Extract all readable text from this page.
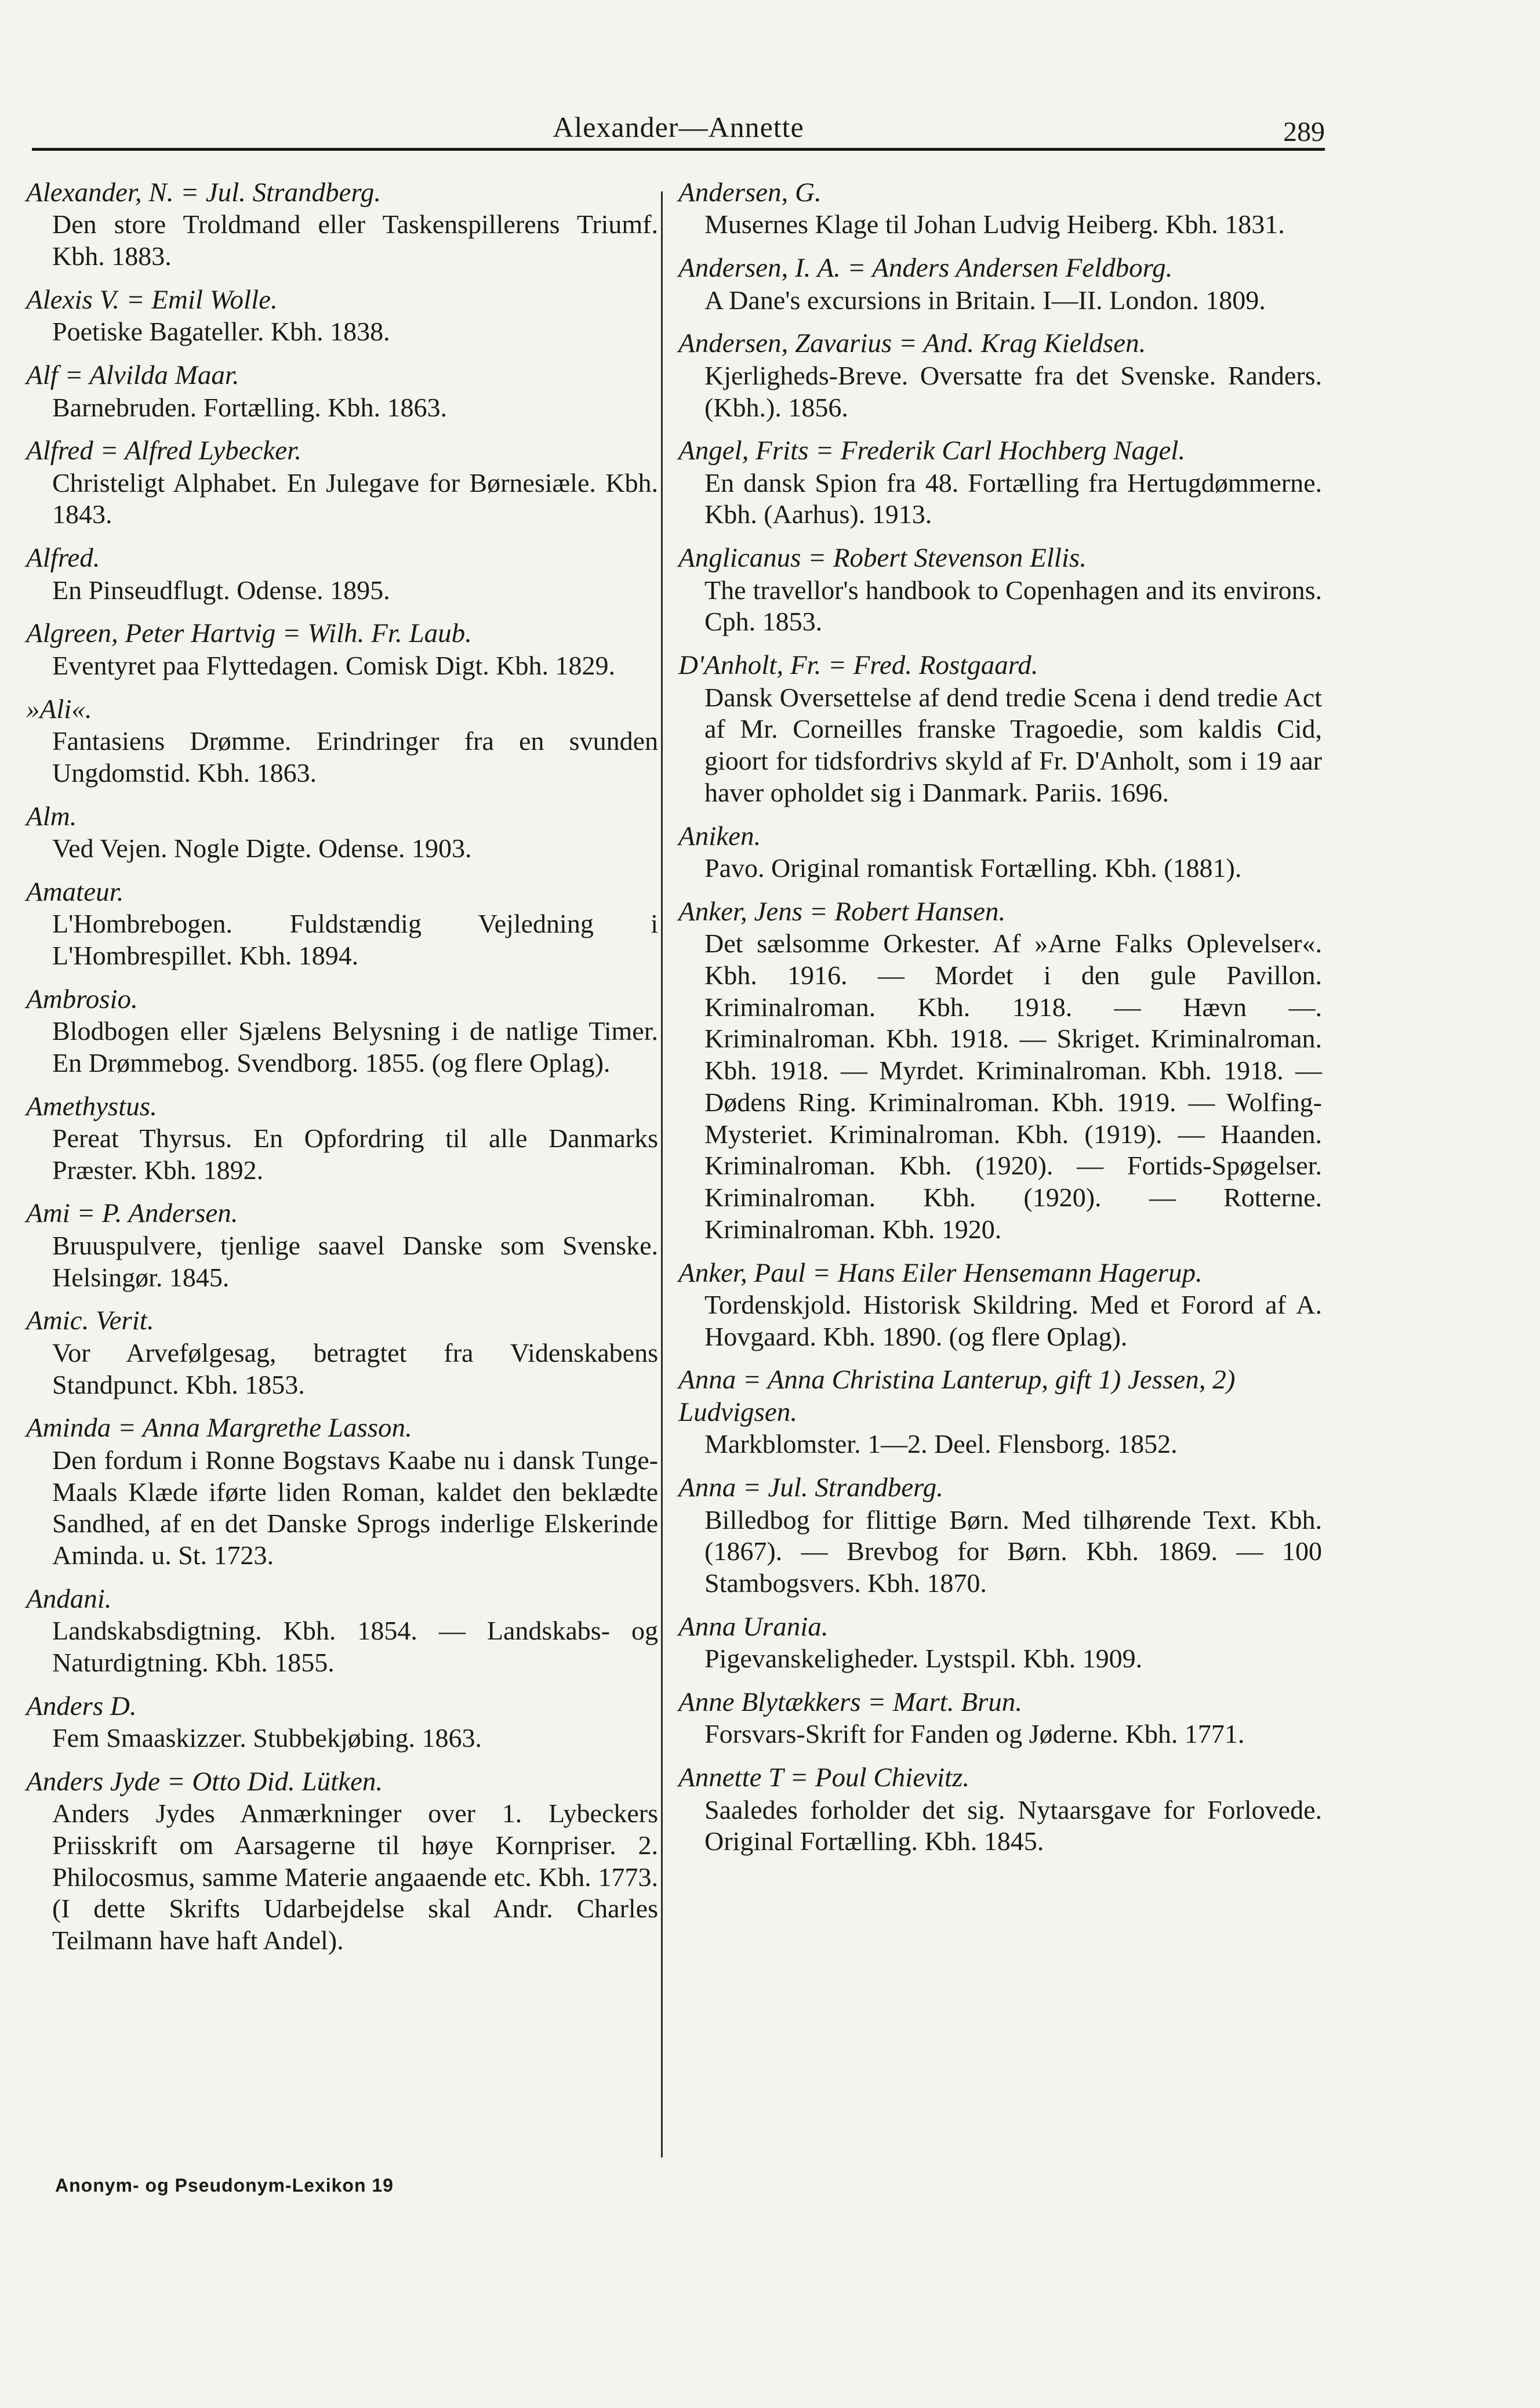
Alexander—Annette	289
Alexander, N. = Jul. Strandberg.
Den store Troldmand eller Taskenspillerens Triumf. Kbh. 1883.
Alexis V. = Emil Wolle.
Poetiske Bagateller. Kbh. 1838.
Alf = Alvilda Maar.
Barnebruden. Fortælling. Kbh. 1863.
Alfred = Alfred Lybecker.
Christeligt Alphabet. En Julegave for Børnesiæle. Kbh. 1843.
Alfred.
En Pinseudflugt. Odense. 1895.
Algreen, Peter Hartvig = Wilh. Fr. Laub.
Eventyret paa Flyttedagen. Comisk Digt. Kbh. 1829.
»Ali«.
Fantasiens Drømme. Erindringer fra en svunden Ungdomstid. Kbh. 1863.
Alm.
Ved Vejen. Nogle Digte. Odense. 1903.
Amateur.
L'Hombrebogen. Fuldstændig Vejledning i L'Hombrespillet. Kbh. 1894.
Ambrosio.
Blodbogen eller Sjælens Belysning i de natlige Timer. En Drømmebog. Svendborg. 1855. (og flere Oplag).
Amethystus.
Pereat Thyrsus. En Opfordring til alle Danmarks Præster. Kbh. 1892.
Ami = P. Andersen.
Bruuspulvere, tjenlige saavel Danske som Svenske. Helsingør. 1845.
Amic. Verit.
Vor Arvefølgesag, betragtet fra Videnskabens Standpunct. Kbh. 1853.
Aminda = Anna Margrethe Lasson.
Den fordum i Ronne Bogstavs Kaabe nu i dansk Tunge-Maals Klæde iførte liden Roman, kaldet den beklædte Sandhed, af en det Danske Sprogs inderlige Elskerinde Aminda. u. St. 1723.
Andani.
Landskabsdigtning. Kbh. 1854. — Landskabs- og Naturdigtning. Kbh. 1855.
Anders D.
Fem Smaaskizzer. Stubbekjøbing. 1863.
Anders Jyde = Otto Did. Lütken.
Anders Jydes Anmærkninger over 1. Lybeckers Priisskrift om Aarsagerne til høye Kornpriser. 2. Philocosmus, samme Materie angaaende etc. Kbh. 1773. (I dette Skrifts Udarbejdelse skal Andr. Charles Teilmann have haft Andel).
Andersen, G.
Musernes Klage til Johan Ludvig Heiberg. Kbh. 1831.
Andersen, I. A. = Anders Andersen Feldborg.
A Dane's excursions in Britain. I—II. London. 1809.
Andersen, Zavarius = And. Krag Kieldsen.
Kjerligheds-Breve. Oversatte fra det Svenske. Randers. (Kbh.). 1856.
Angel, Frits = Frederik Carl Hochberg Nagel.
En dansk Spion fra 48. Fortælling fra Hertugdømmerne. Kbh. (Aarhus). 1913.
Anglicanus = Robert Stevenson Ellis.
The travellor's handbook to Copenhagen and its environs. Cph. 1853.
D'Anholt, Fr. = Fred. Rostgaard.
Dansk Oversettelse af dend tredie Scena i dend tredie Act af Mr. Corneilles franske Tragoedie, som kaldis Cid, gioort for tidsfordrivs skyld af Fr. D'Anholt, som i 19 aar haver opholdet sig i Danmark. Pariis. 1696.
Aniken.
Pavo. Original romantisk Fortælling. Kbh. (1881).
Anker, Jens = Robert Hansen.
Det sælsomme Orkester. Af »Arne Falks Oplevelser«. Kbh. 1916. — Mordet i den gule Pavillon. Kriminalroman. Kbh. 1918. — Hævn —. Kriminalroman. Kbh. 1918. — Skriget. Kriminalroman. Kbh. 1918. — Myrdet. Kriminalroman. Kbh. 1918. — Dødens Ring. Kriminalroman. Kbh. 1919. — Wolfing-Mysteriet. Kriminalroman. Kbh. (1919). — Haanden. Kriminalroman. Kbh. (1920). — Fortids-Spøgelser. Kriminalroman. Kbh. (1920). — Rotterne. Kriminalroman. Kbh. 1920.
Anker, Paul = Hans Eiler Hensemann Hagerup.
Tordenskjold. Historisk Skildring. Med et Forord af A. Hovgaard. Kbh. 1890. (og flere Oplag).
Anna = Anna Christina Lanterup, gift 1) Jessen, 2) Ludvigsen.
Markblomster. 1—2. Deel. Flensborg. 1852.
Anna = Jul. Strandberg.
Billedbog for flittige Børn. Med tilhørende Text. Kbh. (1867). — Brevbog for Børn. Kbh. 1869. — 100 Stambogsvers. Kbh. 1870.
Anna Urania.
Pigevanskeligheder. Lystspil. Kbh. 1909.
Anne Blytækkers = Mart. Brun.
Forsvars-Skrift for Fanden og Jøderne. Kbh. 1771.
Annette T = Poul Chievitz.
Saaledes forholder det sig. Nytaarsgave for Forlovede. Original Fortælling. Kbh. 1845.
Anonym- og Pseudonym-Lexikon 19
